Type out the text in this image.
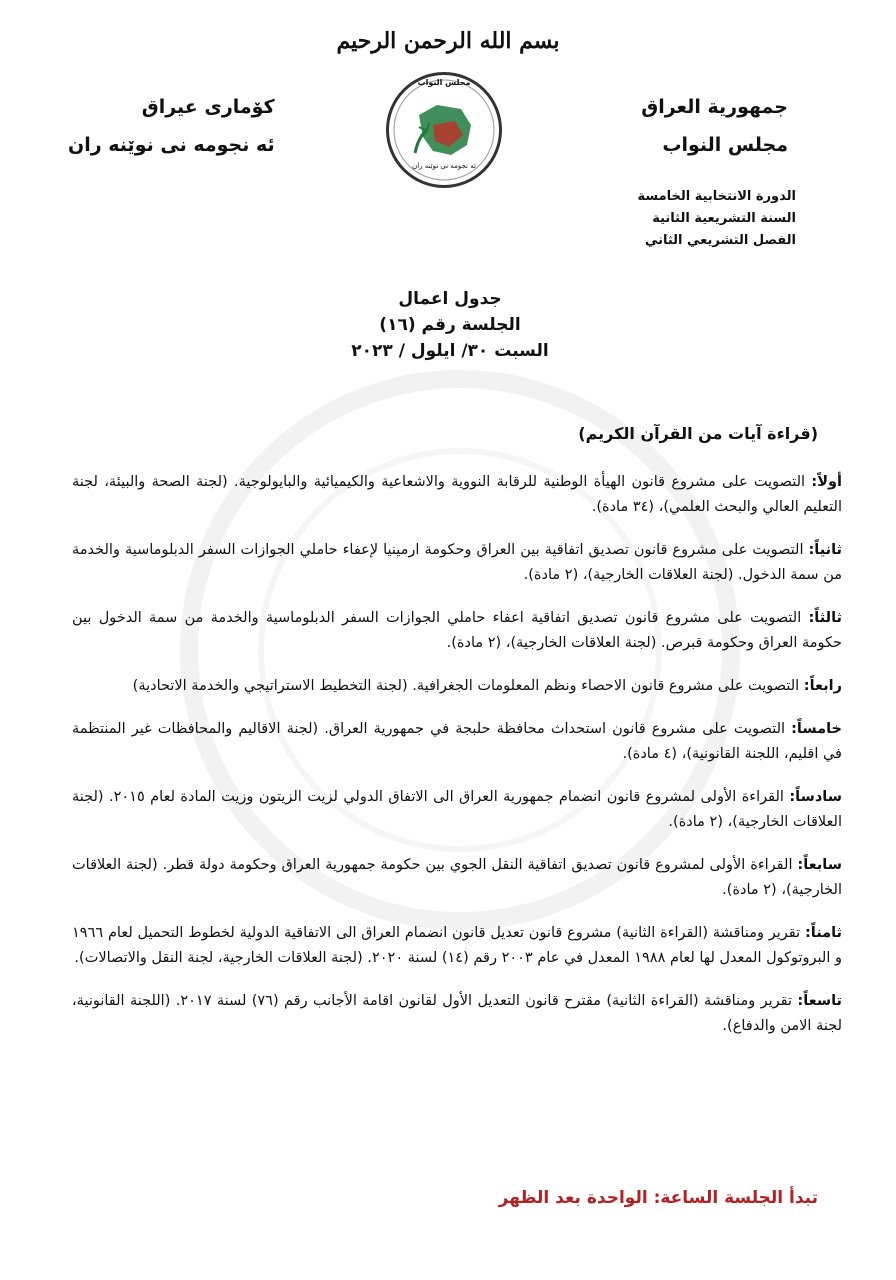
بسم الله الرحمن الرحيم
جمهورية العراق
مجلس النواب
مجلس النواب
ئه نجومه نى نوێنه ران
كۆمارى عيراق
ئه نجومه نى نوێنه ران
الدورة الانتخابية الخامسة
السنة التشريعية الثانية
الفصل التشريعي الثاني
جدول اعمال
الجلسة رقم (١٦)
السبت ٣٠/ ايلول / ٢٠٢٣
(قراءة آيات من القرآن الكريم)
أولاً: التصويت على مشروع قانون الهيأة الوطنية للرقابة النووية والاشعاعية والكيميائية والبايولوجية. (لجنة الصحة والبيئة، لجنة التعليم العالي والبحث العلمي)، (٣٤ مادة).
ثانياً: التصويت على مشروع قانون تصديق اتفاقية بين العراق وحكومة ارمينيا لإعفاء حاملي الجوازات السفر الدبلوماسية والخدمة من سمة الدخول. (لجنة العلاقات الخارجية)، (٢ مادة).
ثالثاً: التصويت على مشروع قانون تصديق اتفاقية اعفاء حاملي الجوازات السفر الدبلوماسية والخدمة من سمة الدخول بين حكومة العراق وحكومة قبرص. (لجنة العلاقات الخارجية)، (٢ مادة).
رابعاً: التصويت على مشروع قانون الاحصاء ونظم المعلومات الجغرافية. (لجنة التخطيط الاستراتيجي والخدمة الاتحادية)
خامساً: التصويت على مشروع قانون استحداث محافظة حلبجة في جمهورية العراق. (لجنة الاقاليم والمحافظات غير المنتظمة في اقليم، اللجنة القانونية)، (٤ مادة).
سادساً: القراءة الأولى لمشروع قانون انضمام جمهورية العراق الى الاتفاق الدولي لزيت الزيتون وزيت المادة لعام ٢٠١٥. (لجنة العلاقات الخارجية)، (٢ مادة).
سابعاً: القراءة الأولى لمشروع قانون تصديق اتفاقية النقل الجوي بين حكومة جمهورية العراق وحكومة دولة قطر. (لجنة العلاقات الخارجية)، (٢ مادة).
ثامناً: تقرير ومناقشة (القراءة الثانية) مشروع قانون تعديل قانون انضمام العراق الى الاتفاقية الدولية لخطوط التحميل لعام ١٩٦٦ و البروتوكول المعدل لها لعام ١٩٨٨ المعدل في عام ٢٠٠٣ رقم (١٤) لسنة ٢٠٢٠. (لجنة العلاقات الخارجية، لجنة النقل والاتصالات).
تاسعاً: تقرير ومناقشة (القراءة الثانية) مقترح قانون التعديل الأول لقانون اقامة الأجانب رقم (٧٦) لسنة ٢٠١٧. (اللجنة القانونية، لجنة الامن والدفاع).
تبدأ الجلسة الساعة: الواحدة بعد الظهر
